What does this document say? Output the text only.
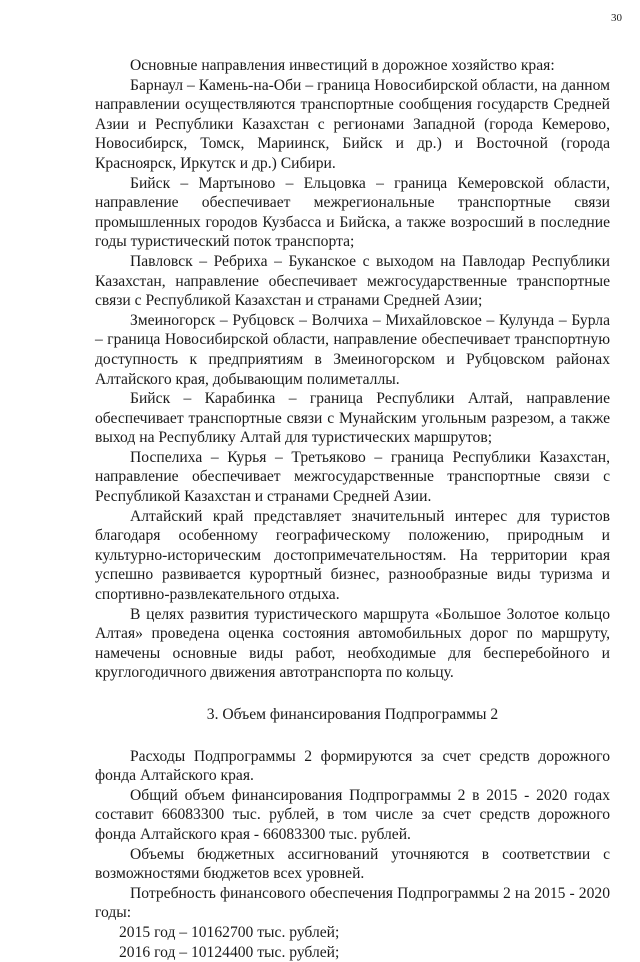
30

Основные направления инвестиций в дорожное хозяйство края:

Барнаул – Камень-на-Оби – граница Новосибирской области, на данном направлении осуществляются транспортные сообщения государств Средней Азии и Республики Казахстан с регионами Западной (города Кемерово, Новосибирск, Томск, Мариинск, Бийск и др.) и Восточной (города Красноярск, Иркутск и др.) Сибири.

Бийск – Мартыново – Ельцовка – граница Кемеровской области, направление обеспечивает межрегиональные транспортные связи промышленных городов Кузбасса и Бийска, а также возросший в последние годы туристический поток транспорта;

Павловск – Ребриха – Буканское с выходом на Павлодар Республики Казахстан, направление обеспечивает межгосударственные транспортные связи с Республикой Казахстан и странами Средней Азии;

Змеиногорск – Рубцовск – Волчиха – Михайловское – Кулунда – Бурла – граница Новосибирской области, направление обеспечивает транспортную доступность к предприятиям в Змеиногорском и Рубцовском районах Алтайского края, добывающим полиметаллы.

Бийск – Карабинка – граница Республики Алтай, направление обеспечивает транспортные связи с Мунайским угольным разрезом, а также выход на Республику Алтай для туристических маршрутов;

Поспелиха – Курья – Третьяково – граница Республики Казахстан, направление обеспечивает межгосударственные транспортные связи с Республикой Казахстан и странами Средней Азии.

Алтайский край представляет значительный интерес для туристов благодаря особенному географическому положению, природным и культурно-историческим достопримечательностям. На территории края успешно развивается курортный бизнес, разнообразные виды туризма и спортивно-развлекательного отдыха.

В целях развития туристического маршрута «Большое Золотое кольцо Алтая» проведена оценка состояния автомобильных дорог по маршруту, намечены основные виды работ, необходимые для бесперебойного и круглогодичного движения автотранспорта по кольцу.

3. Объем финансирования Подпрограммы 2

Расходы Подпрограммы 2 формируются за счет средств дорожного фонда Алтайского края.

Общий объем финансирования Подпрограммы 2 в 2015 - 2020 годах составит 66083300 тыс. рублей, в том числе за счет средств дорожного фонда Алтайского края - 66083300 тыс. рублей.

Объемы бюджетных ассигнований уточняются в соответствии с возможностями бюджетов всех уровней.

Потребность финансового обеспечения Подпрограммы 2 на 2015 - 2020 годы:

2015 год – 10162700 тыс. рублей;

2016 год – 10124400 тыс. рублей;
